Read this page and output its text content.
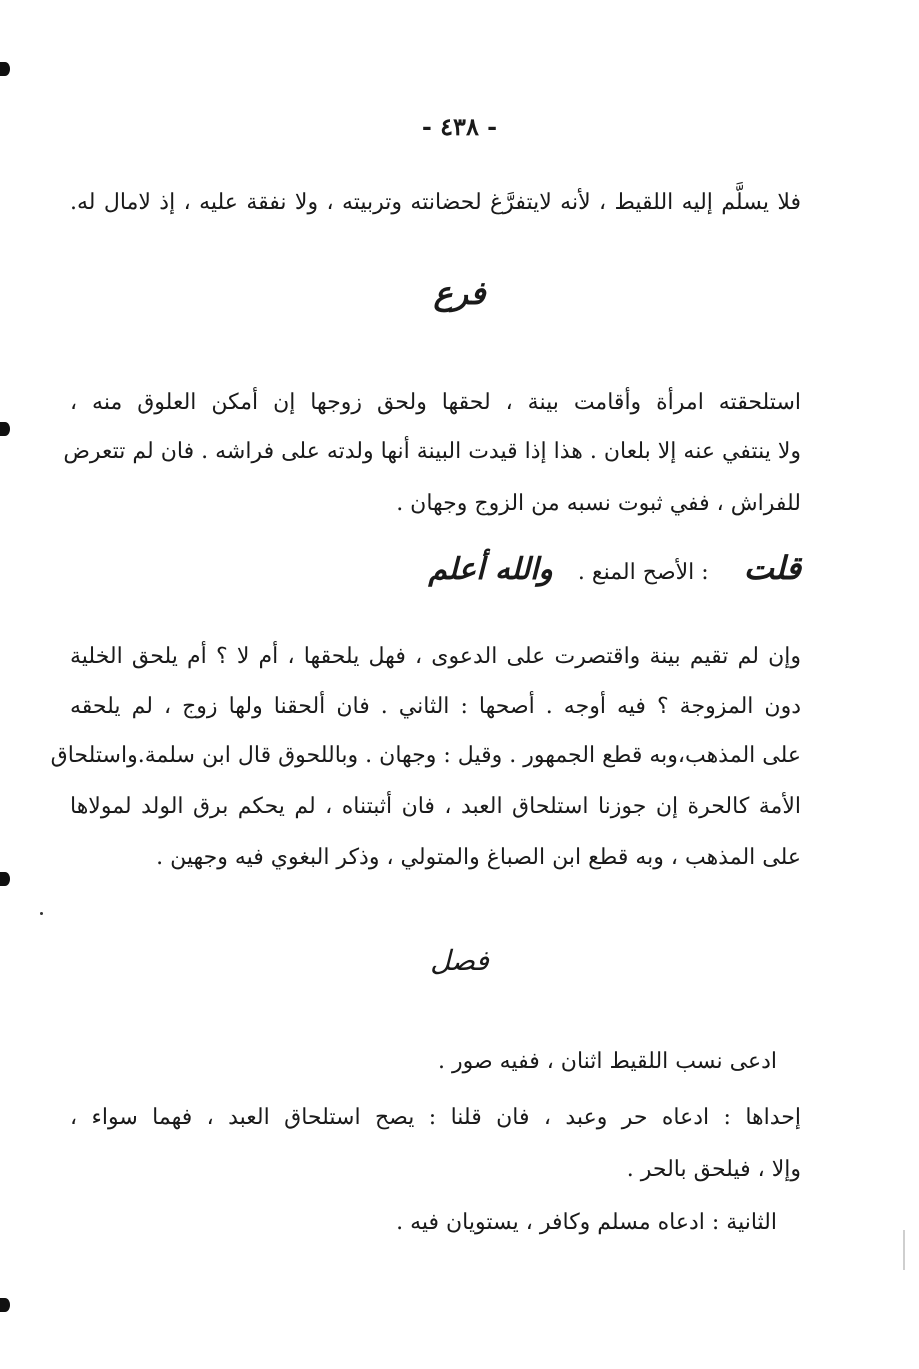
- ٤٣٨ -
فلا يسلَّم إليه اللقيط ، لأنه لايتفرَّغ لحضانته وتربيته ، ولا نفقة عليه ، إذ لامال له.
فرع
استلحقته امرأة وأقامت بينة ، لحقها ولحق زوجها إن أمكن العلوق منه ،
ولا ينتفي عنه إلا بلعان . هذا إذا قيدت البينة أنها ولدته على فراشه . فان لم تتعرض
للفراش ، ففي ثبوت نسبه من الزوج وجهان .
قلت : الأصح المنع . والله أعلم
وإن لم تقيم بينة واقتصرت على الدعوى ، فهل يلحقها ، أم لا ؟ أم يلحق الخلية
دون المزوجة ؟ فيه أوجه . أصحها : الثاني . فان ألحقنا ولها زوج ، لم يلحقه
على المذهب،وبه قطع الجمهور . وقيل : وجهان . وباللحوق قال ابن سلمة.واستلحاق
الأمة كالحرة إن جوزنا استلحاق العبد ، فان أثبتناه ، لم يحكم برق الولد لمولاها
على المذهب ، وبه قطع ابن الصباغ والمتولي ، وذكر البغوي فيه وجهين .
فصل
ادعى نسب اللقيط اثنان ، ففيه صور .
إحداها : ادعاه حر وعبد ، فان قلنا : يصح استلحاق العبد ، فهما سواء ،
وإلا ، فيلحق بالحر .
الثانية : ادعاه مسلم وكافر ، يستويان فيه .
